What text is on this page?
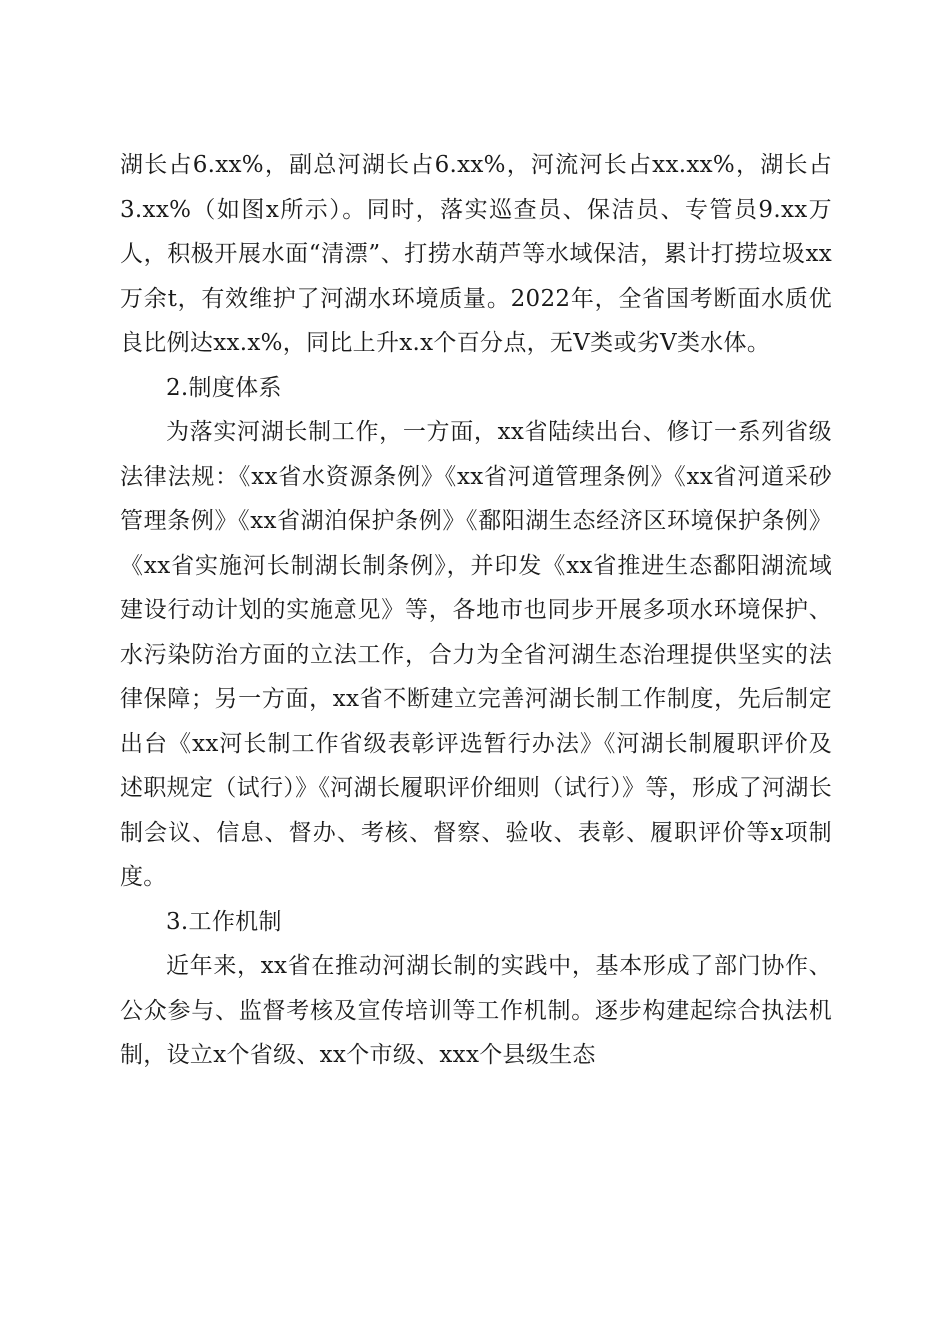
湖长占6.xx%，副总河湖长占6.xx%，河流河长占xx.xx%，湖长占3.xx%（如图x所示）。同时，落实巡查员、保洁员、专管员9.xx万人，积极开展水面“清漂”、打捞水葫芦等水域保洁，累计打捞垃圾xx万余t，有效维护了河湖水环境质量。2022年，全省国考断面水质优良比例达xx.x%，同比上升x.x个百分点，无Ⅴ类或劣Ⅴ类水体。

2.制度体系

为落实河湖长制工作，一方面，xx省陆续出台、修订一系列省级法律法规：《xx省水资源条例》《xx省河道管理条例》《xx省河道采砂管理条例》《xx省湖泊保护条例》《鄱阳湖生态经济区环境保护条例》《xx省实施河长制湖长制条例》，并印发《xx省推进生态鄱阳湖流域建设行动计划的实施意见》等，各地市也同步开展多项水环境保护、水污染防治方面的立法工作，合力为全省河湖生态治理提供坚实的法律保障；另一方面，xx省不断建立完善河湖长制工作制度，先后制定出台《xx河长制工作省级表彰评选暂行办法》《河湖长制履职评价及述职规定（试行）》《河湖长履职评价细则（试行）》等，形成了河湖长制会议、信息、督办、考核、督察、验收、表彰、履职评价等x项制度。

3.工作机制

近年来，xx省在推动河湖长制的实践中，基本形成了部门协作、公众参与、监督考核及宣传培训等工作机制。逐步构建起综合执法机制，设立x个省级、xx个市级、xxx个县级生态
